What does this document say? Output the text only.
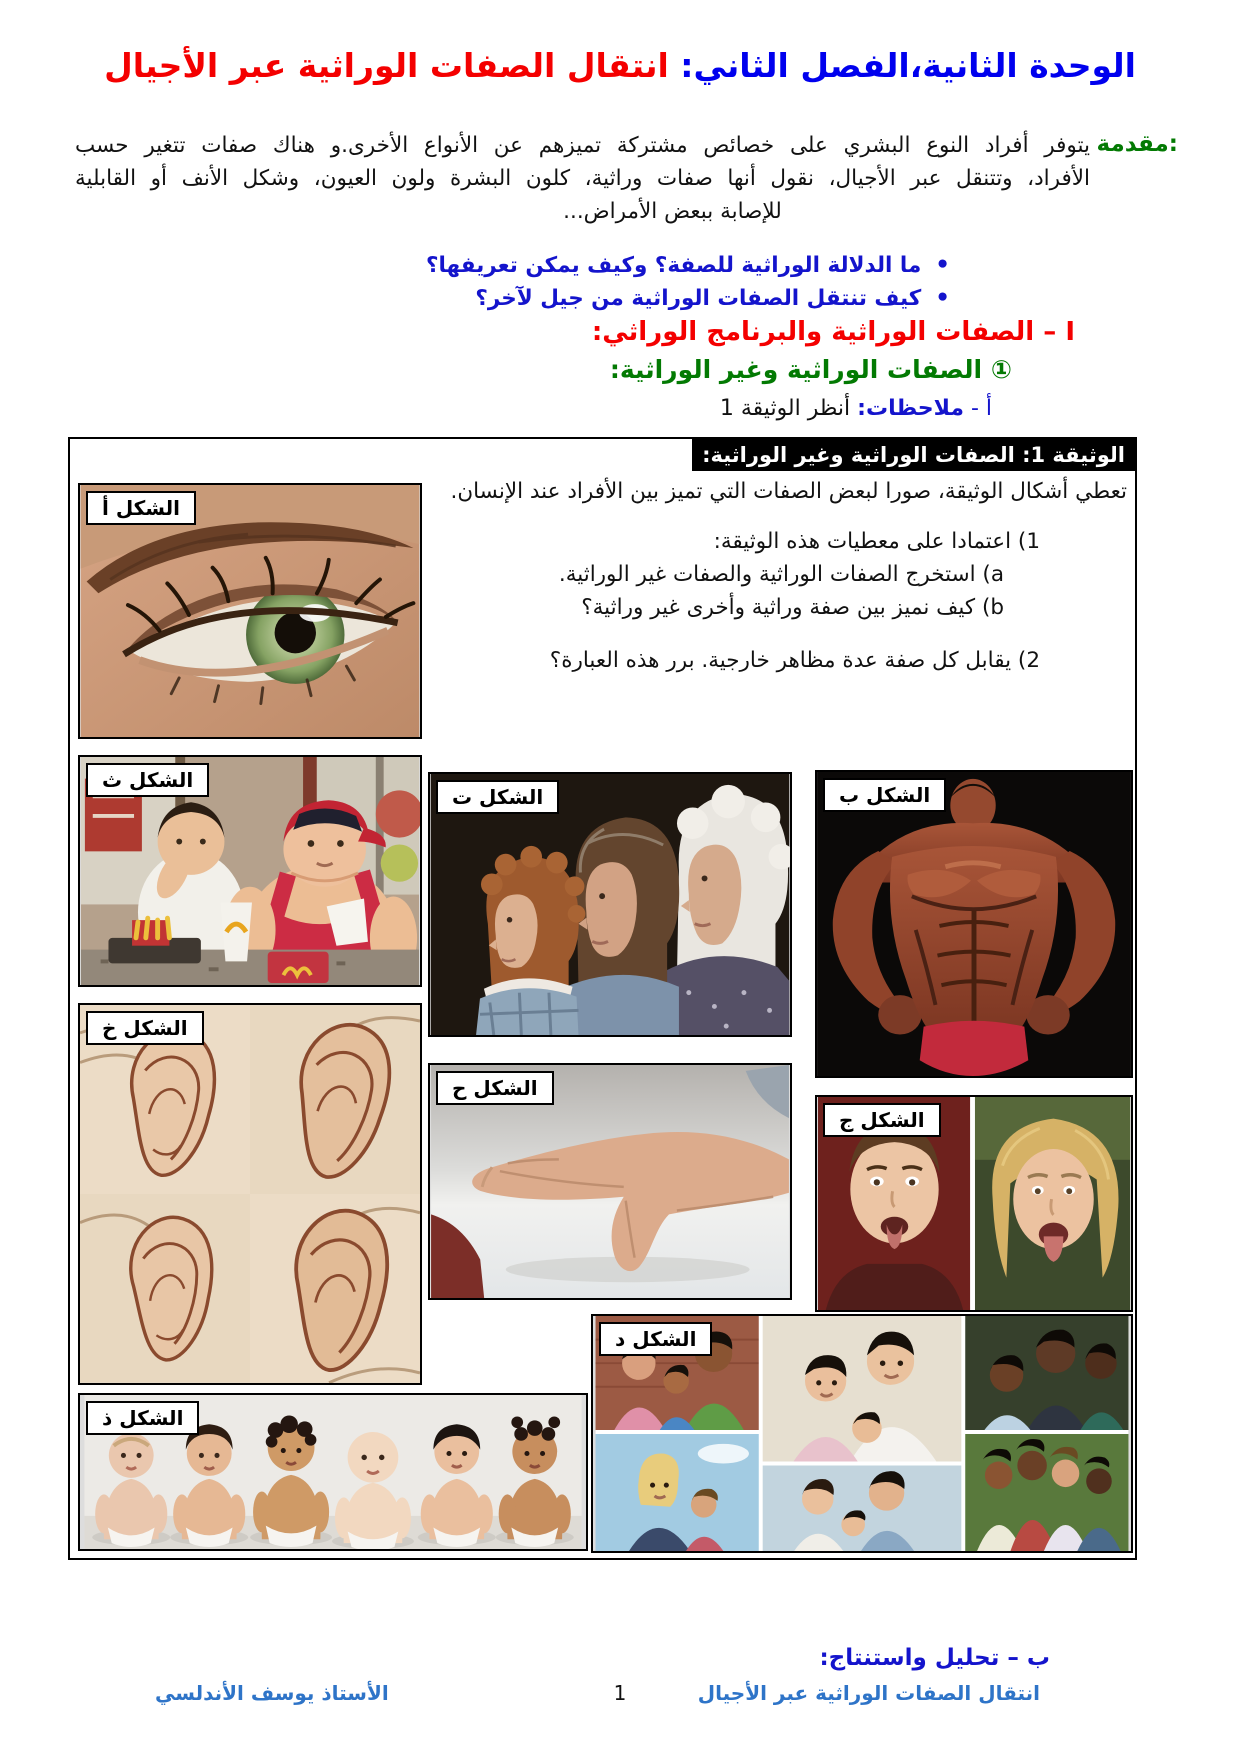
الوحدة الثانية،الفصل الثاني: انتقال الصفات الوراثية عبر الأجيال
مقدمة:
يتوفر أفراد النوع البشري على خصائص مشتركة تميزهم عن الأنواع الأخرى.و هناك صفات تتغير حسب
الأفراد، وتتنقل عبر الأجيال، نقول أنها صفات وراثية، كلون البشرة ولون العيون، وشكل الأنف أو القابلية
للإصابة ببعض الأمراض...
• ما الدلالة الوراثية للصفة؟ وكيف يمكن تعريفها؟
• كيف تنتقل الصفات الوراثية من جيل لآخر؟
I – الصفات الوراثية والبرنامج الوراثي:
① الصفات الوراثية وغير الوراثية:
أ - ملاحظات: أنظر الوثيقة 1
الوثيقة 1: الصفات الوراثية وغير الوراثية:
تعطي أشكال الوثيقة، صورا لبعض الصفات التي تميز بين الأفراد عند الإنسان.
1) اعتمادا على معطيات هذه الوثيقة:
a) استخرج الصفات الوراثية والصفات غير الوراثية.
b) كيف نميز بين صفة وراثية وأخرى غير وراثية؟
2) يقابل كل صفة عدة مظاهر خارجية. برر هذه العبارة؟
الشكل أ
الشكل ث
الشكل خ
الشكل ذ
الشكل ت
الشكل ح
الشكل ب
الشكل ج
الشكل د
ب – تحليل واستنتاج:
انتقال الصفات الوراثية عبر الأجيال
1
الأستاذ يوسف الأندلسي
